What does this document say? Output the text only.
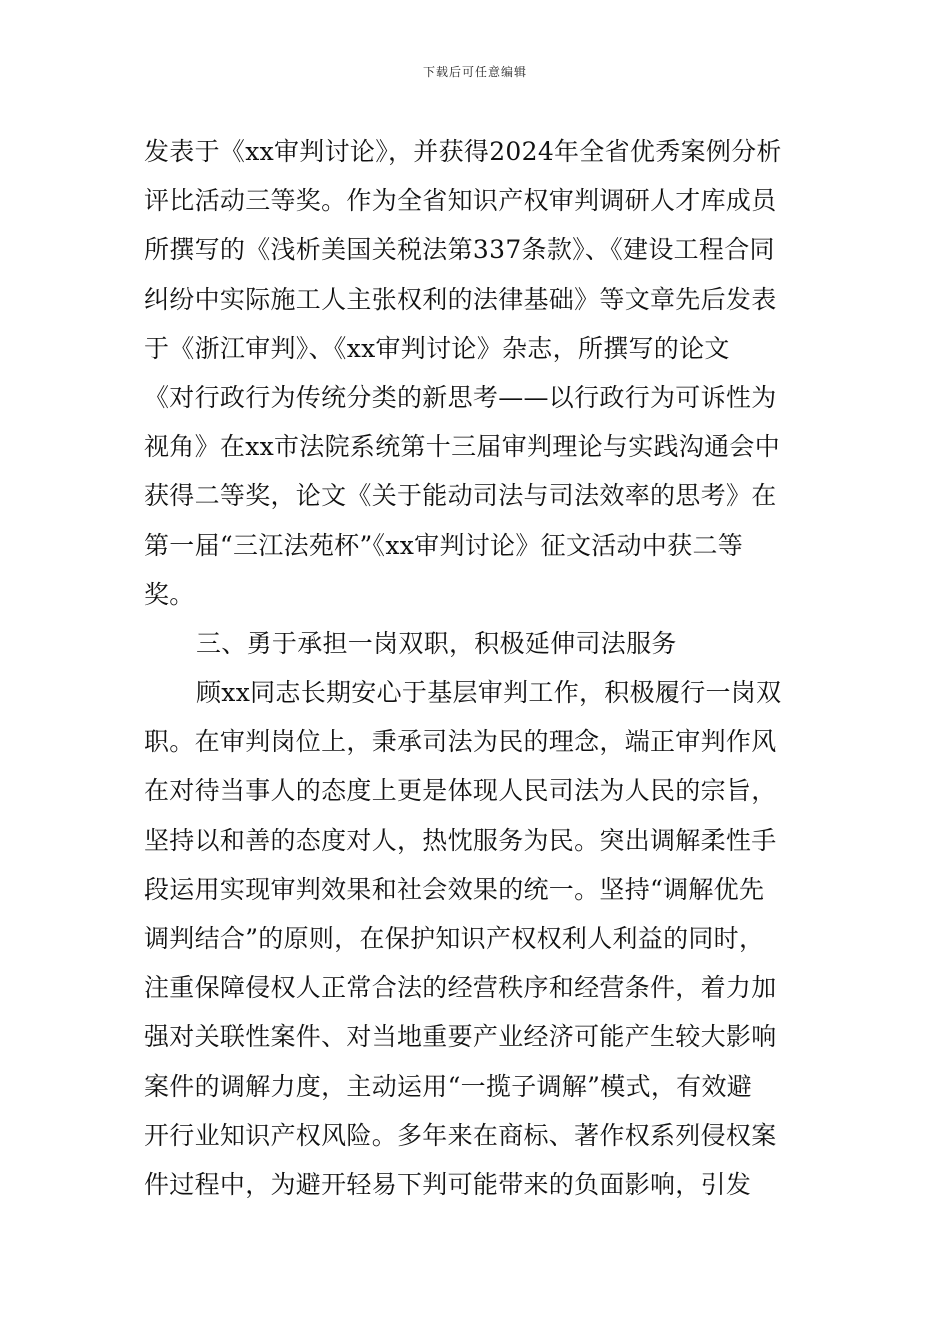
下载后可任意编辑
发表于《xx审判讨论》，并获得2024年全省优秀案例分析
评比活动三等奖。作为全省知识产权审判调研人才库成员
所撰写的《浅析美国关税法第337条款》、《建设工程合同
纠纷中实际施工人主张权利的法律基础》等文章先后发表
于《浙江审判》、《xx审判讨论》杂志，所撰写的论文
《对行政行为传统分类的新思考——以行政行为可诉性为
视角》在xx市法院系统第十三届审判理论与实践沟通会中
获得二等奖，论文《关于能动司法与司法效率的思考》在
第一届“三江法苑杯”《xx审判讨论》征文活动中获二等
奖。
三、勇于承担一岗双职，积极延伸司法服务
顾xx同志长期安心于基层审判工作，积极履行一岗双
职。在审判岗位上，秉承司法为民的理念，端正审判作风
在对待当事人的态度上更是体现人民司法为人民的宗旨，
坚持以和善的态度对人，热忱服务为民。突出调解柔性手
段运用实现审判效果和社会效果的统一。坚持“调解优先
调判结合”的原则，在保护知识产权权利人利益的同时，
注重保障侵权人正常合法的经营秩序和经营条件，着力加
强对关联性案件、对当地重要产业经济可能产生较大影响
案件的调解力度，主动运用“一揽子调解”模式，有效避
开行业知识产权风险。多年来在商标、著作权系列侵权案
件过程中，为避开轻易下判可能带来的负面影响，引发
